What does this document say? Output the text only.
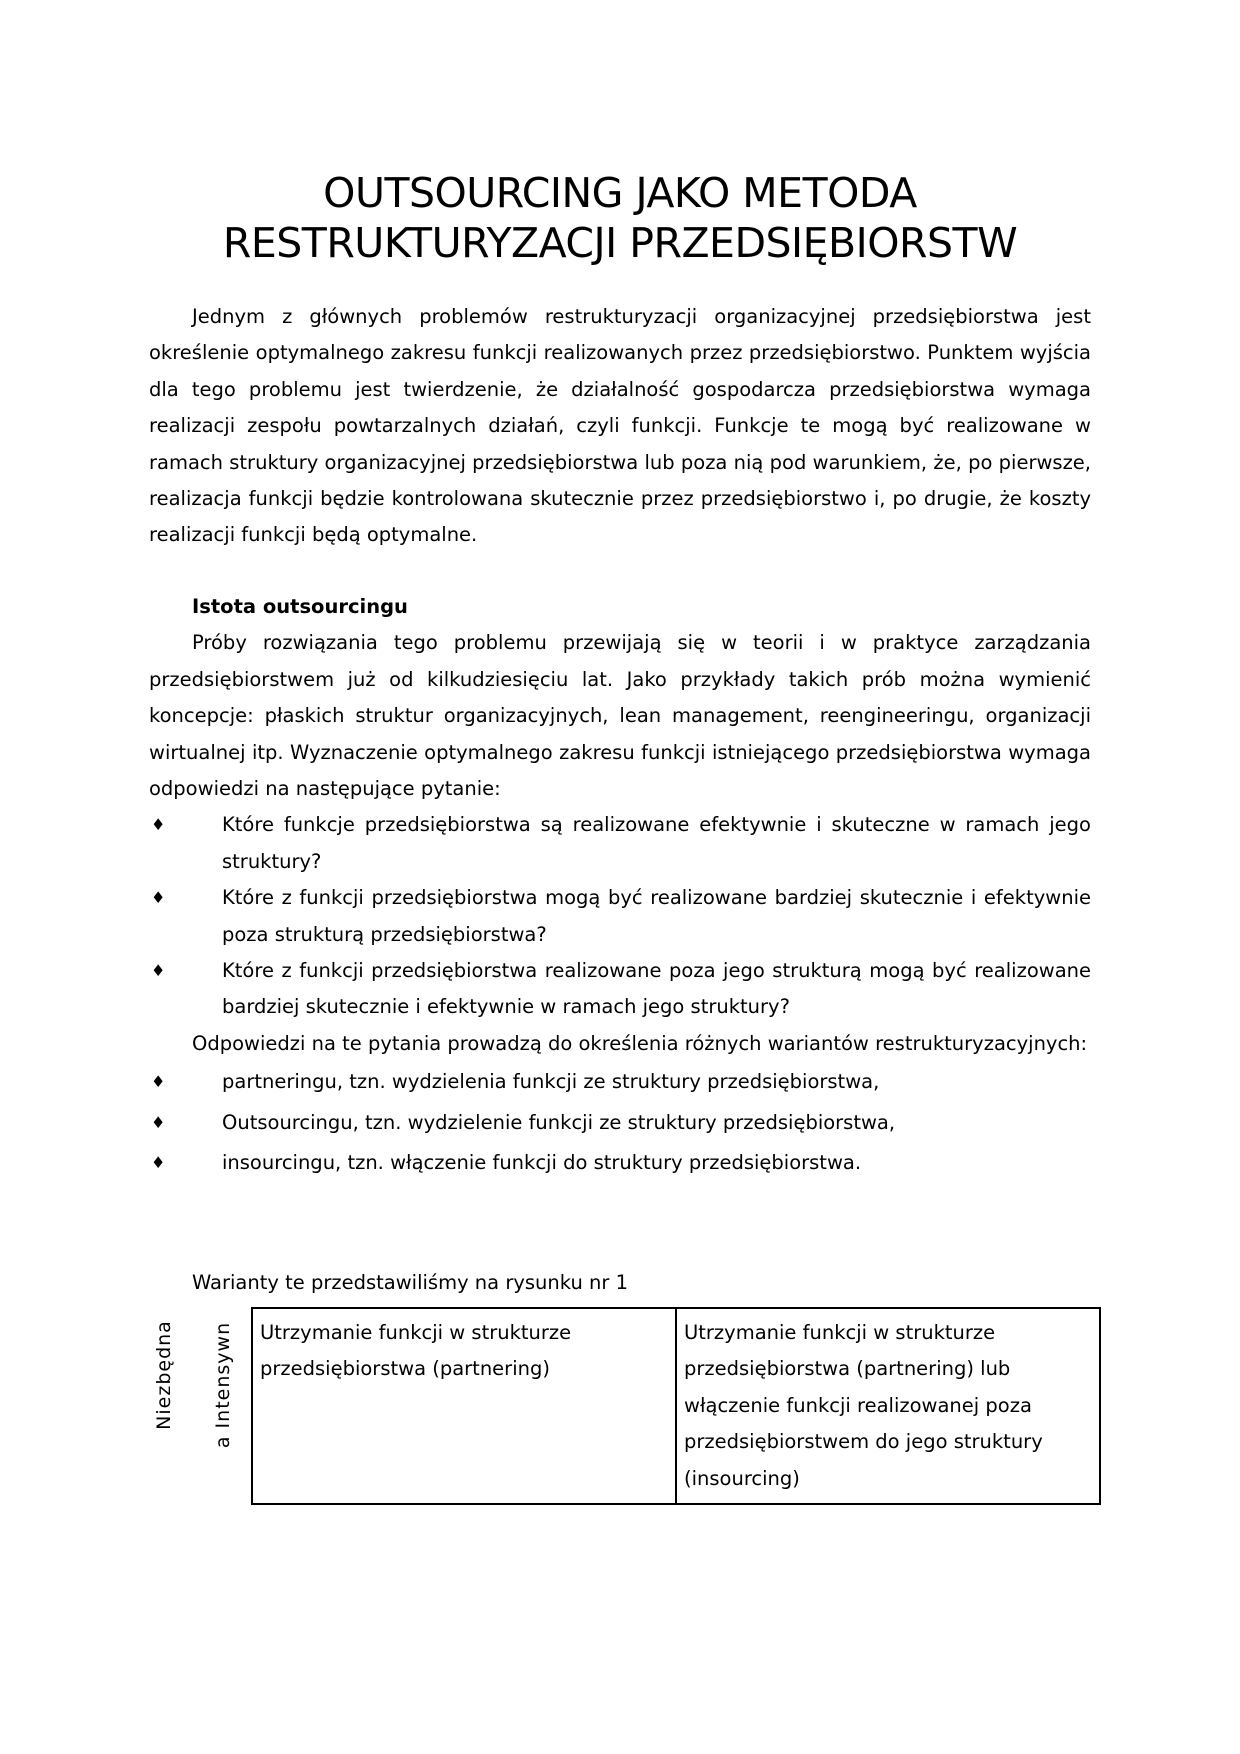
OUTSOURCING JAKO METODA
RESTRUKTURYZACJI PRZEDSIĘBIORSTW

Jednym z głównych problemów restrukturyzacji organizacyjnej przedsiębiorstwa jest określenie optymalnego zakresu funkcji realizowanych przez przedsiębiorstwo. Punktem wyjścia dla tego problemu jest twierdzenie, że działalność gospodarcza przedsiębiorstwa wymaga realizacji zespołu powtarzalnych działań, czyli funkcji. Funkcje te mogą być realizowane w ramach struktury organizacyjnej przedsiębiorstwa lub poza nią pod warunkiem, że, po pierwsze, realizacja funkcji będzie kontrolowana skutecznie przez przedsiębiorstwo i, po drugie, że koszty realizacji funkcji będą optymalne.

Istota outsourcingu

Próby rozwiązania tego problemu przewijają się w teorii i w praktyce zarządzania przedsiębiorstwem już od kilkudziesięciu lat. Jako przykłady takich prób można wymienić koncepcje: płaskich struktur organizacyjnych, lean management, reengineeringu, organizacji wirtualnej itp. Wyznaczenie optymalnego zakresu funkcji istniejącego przedsiębiorstwa wymaga odpowiedzi na następujące pytanie:

♦	Które funkcje przedsiębiorstwa są realizowane efektywnie i skuteczne w ramach jego struktury?
♦	Które z funkcji przedsiębiorstwa mogą być realizowane bardziej skutecznie i efektywnie poza strukturą przedsiębiorstwa?
♦	Które z funkcji przedsiębiorstwa realizowane poza jego strukturą mogą być realizowane bardziej skutecznie i efektywnie w ramach jego struktury?

Odpowiedzi na te pytania prowadzą do określenia różnych wariantów restrukturyzacyjnych:

♦	partneringu, tzn. wydzielenia funkcji ze struktury przedsiębiorstwa,
♦	Outsourcingu, tzn. wydzielenie funkcji ze struktury przedsiębiorstwa,
♦	insourcingu, tzn. włączenie funkcji do struktury przedsiębiorstwa.

Warianty te przedstawiliśmy na rysunku nr 1

Niezbędna a Intensywn Utrzymanie funkcji w strukturze przedsiębiorstwa (partnering)	Utrzymanie funkcji w strukturze przedsiębiorstwa (partnering) lub włączenie funkcji realizowanej poza przedsiębiorstwem do jego struktury (insourcing)
